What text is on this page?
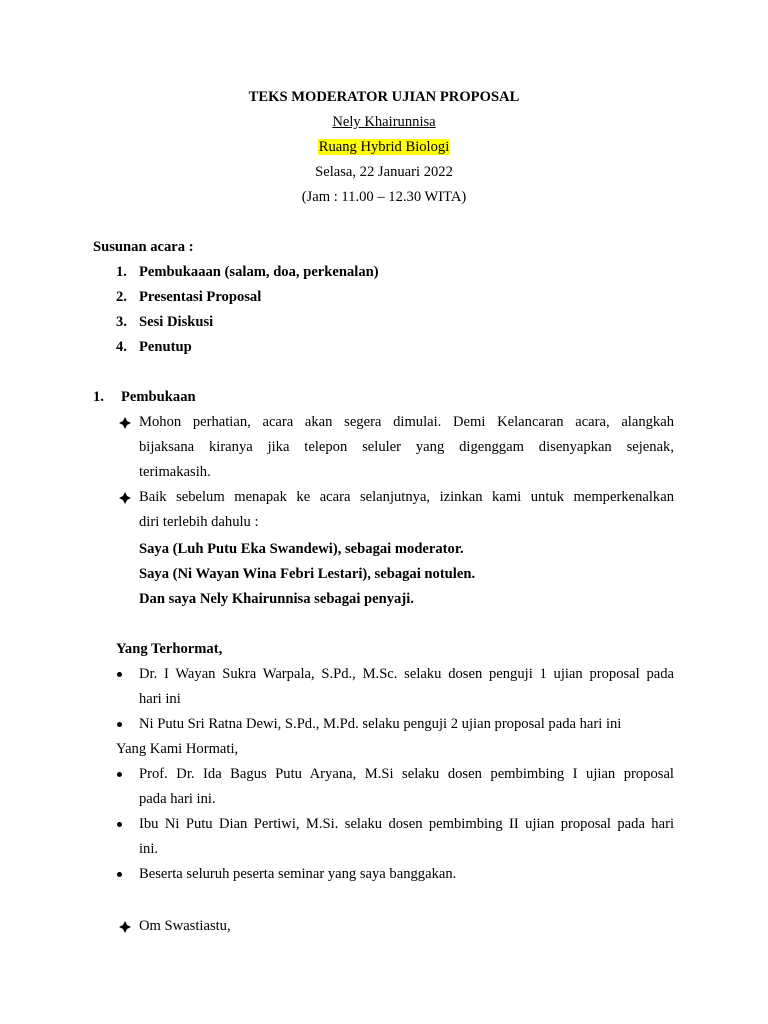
TEKS MODERATOR UJIAN PROPOSAL
Nely Khairunnisa
Ruang Hybrid Biologi
Selasa, 22 Januari 2022
(Jam : 11.00 – 12.30 WITA)
Susunan acara :
1. Pembukaaan (salam, doa, perkenalan)
2. Presentasi Proposal
3. Sesi Diskusi
4. Penutup
1. Pembukaan
Mohon perhatian, acara akan segera dimulai. Demi Kelancaran acara, alangkah
bijaksana kiranya jika telepon seluler yang digenggam disenyapkan sejenak,
terimakasih.
Baik sebelum menapak ke acara selanjutnya, izinkan kami untuk memperkenalkan
diri terlebih dahulu :
Saya (Luh Putu Eka Swandewi), sebagai moderator.
Saya (Ni Wayan Wina Febri Lestari), sebagai notulen.
Dan saya Nely Khairunnisa sebagai penyaji.
Yang Terhormat,
Dr. I Wayan Sukra Warpala, S.Pd., M.Sc. selaku dosen penguji 1 ujian proposal pada
hari ini
Ni Putu Sri Ratna Dewi, S.Pd., M.Pd. selaku penguji 2 ujian proposal pada hari ini
Yang Kami Hormati,
Prof. Dr. Ida Bagus Putu Aryana, M.Si selaku dosen pembimbing I ujian proposal
pada hari ini.
Ibu Ni Putu Dian Pertiwi, M.Si. selaku dosen pembimbing II ujian proposal pada hari
ini.
Beserta seluruh peserta seminar yang saya banggakan.
Om Swastiastu,
